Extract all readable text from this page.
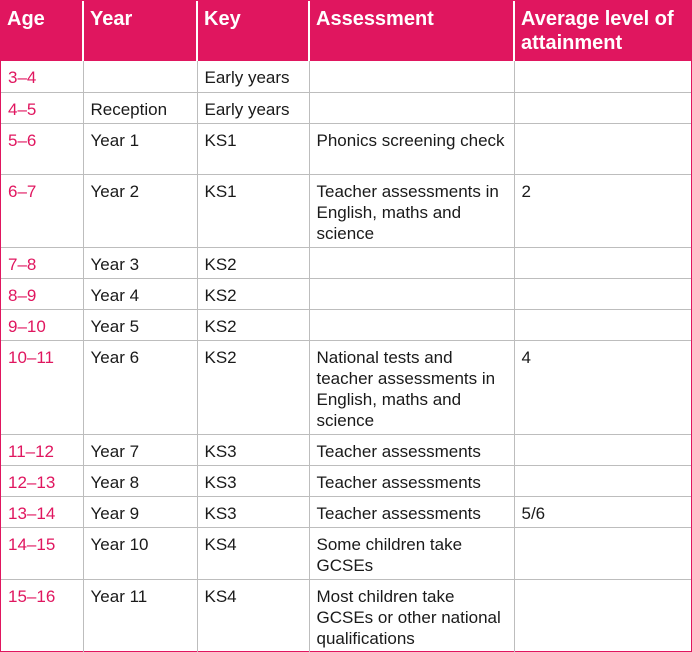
Age	Year	Key	Assessment	Average level of attainment
3–4		Early years		
4–5	Reception	Early years		
5–6	Year 1	KS1	Phonics screening check	
6–7	Year 2	KS1	Teacher assessments in English, maths and science	2
7–8	Year 3	KS2		
8–9	Year 4	KS2		
9–10	Year 5	KS2		
10–11	Year 6	KS2	National tests and teacher assessments in English, maths and science	4
11–12	Year 7	KS3	Teacher assessments	
12–13	Year 8	KS3	Teacher assessments	
13–14	Year 9	KS3	Teacher assessments	5/6
14–15	Year 10	KS4	Some children take GCSEs	
15–16	Year 11	KS4	Most children take GCSEs or other national qualifications	
